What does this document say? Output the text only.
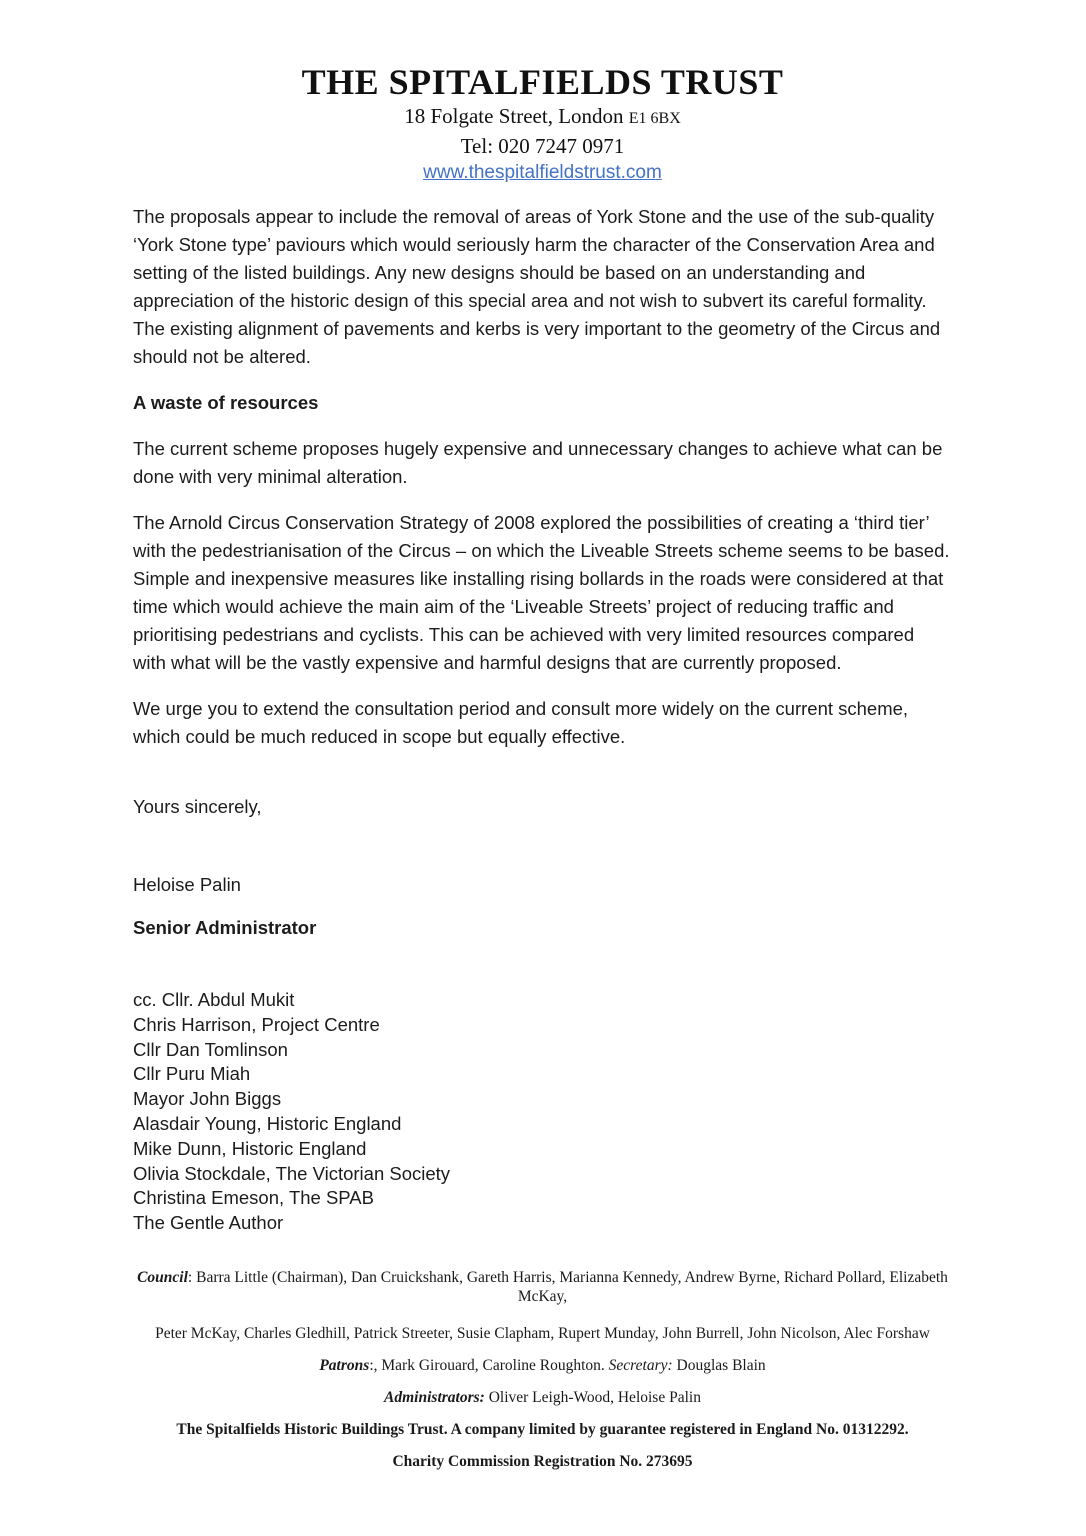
THE SPITALFIELDS TRUST
18 Folgate Street, London E1 6BX
Tel: 020 7247 0971
www.thespitalfieldstrust.com

The proposals appear to include the removal of areas of York Stone and the use of the sub-quality ‘York Stone type’ paviours which would seriously harm the character of the Conservation Area and setting of the listed buildings. Any new designs should be based on an understanding and appreciation of the historic design of this special area and not wish to subvert its careful formality. The existing alignment of pavements and kerbs is very important to the geometry of the Circus and should not be altered.

A waste of resources

The current scheme proposes hugely expensive and unnecessary changes to achieve what can be done with very minimal alteration.

The Arnold Circus Conservation Strategy of 2008 explored the possibilities of creating a ‘third tier’ with the pedestrianisation of the Circus – on which the Liveable Streets scheme seems to be based. Simple and inexpensive measures like installing rising bollards in the roads were considered at that time which would achieve the main aim of the ‘Liveable Streets’ project of reducing traffic and prioritising pedestrians and cyclists. This can be achieved with very limited resources compared with what will be the vastly expensive and harmful designs that are currently proposed.

We urge you to extend the consultation period and consult more widely on the current scheme, which could be much reduced in scope but equally effective.

Yours sincerely,

Heloise Palin

Senior Administrator

cc. Cllr. Abdul Mukit
Chris Harrison, Project Centre
Cllr Dan Tomlinson
Cllr Puru Miah
Mayor John Biggs
Alasdair Young, Historic England
Mike Dunn, Historic England
Olivia Stockdale, The Victorian Society
Christina Emeson, The SPAB
The Gentle Author

Council: Barra Little (Chairman), Dan Cruickshank, Gareth Harris, Marianna Kennedy, Andrew Byrne, Richard Pollard, Elizabeth McKay,

Peter McKay, Charles Gledhill, Patrick Streeter, Susie Clapham, Rupert Munday, John Burrell, John Nicolson, Alec Forshaw

Patrons:, Mark Girouard, Caroline Roughton. Secretary: Douglas Blain

Administrators: Oliver Leigh-Wood, Heloise Palin

The Spitalfields Historic Buildings Trust. A company limited by guarantee registered in England No. 01312292.

Charity Commission Registration No. 273695
